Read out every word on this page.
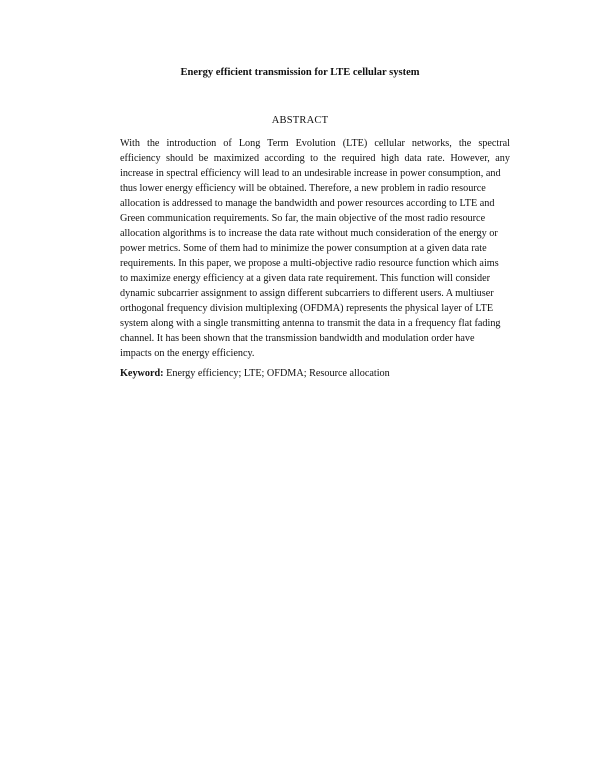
Energy efficient transmission for LTE cellular system
ABSTRACT
With the introduction of Long Term Evolution (LTE) cellular networks, the spectral
efficiency should be maximized according to the required high data rate. However, any
increase in spectral efficiency will lead to an undesirable increase in power consumption, and
thus lower energy efficiency will be obtained. Therefore, a new problem in radio resource
allocation is addressed to manage the bandwidth and power resources according to LTE and
Green communication requirements. So far, the main objective of the most radio resource
allocation algorithms is to increase the data rate without much consideration of the energy or
power metrics. Some of them had to minimize the power consumption at a given data rate
requirements. In this paper, we propose a multi-objective radio resource function which aims
to maximize energy efficiency at a given data rate requirement. This function will consider
dynamic subcarrier assignment to assign different subcarriers to different users. A multiuser
orthogonal frequency division multiplexing (OFDMA) represents the physical layer of LTE
system along with a single transmitting antenna to transmit the data in a frequency flat fading
channel. It has been shown that the transmission bandwidth and modulation order have
impacts on the energy efficiency.
Keyword: Energy efficiency; LTE; OFDMA; Resource allocation
